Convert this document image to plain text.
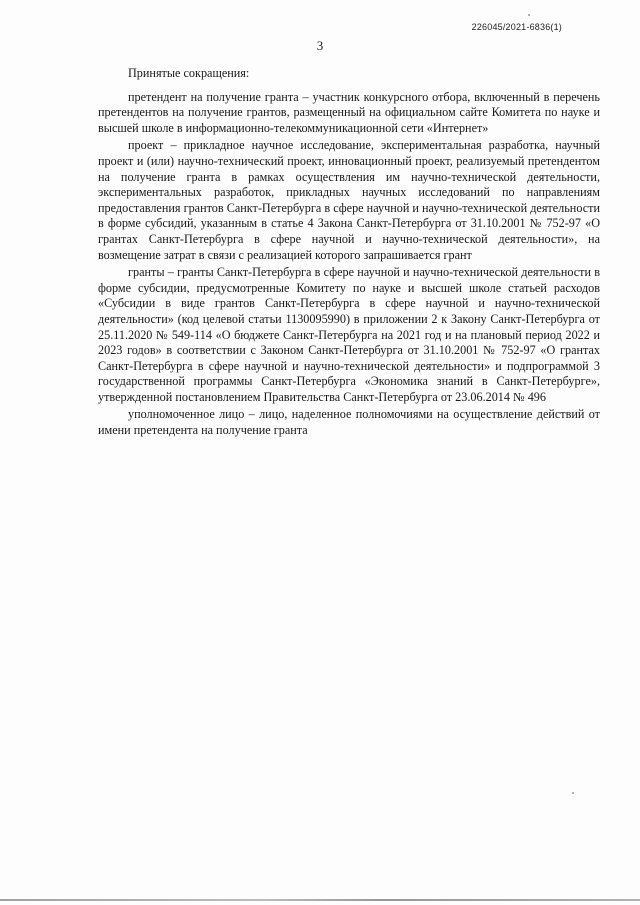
226045/2021-6836(1)
3

Принятые сокращения:

претендент на получение гранта – участник конкурсного отбора, включенный в перечень претендентов на получение грантов, размещенный на официальном сайте Комитета по науке и высшей школе в информационно-телекоммуникационной сети «Интернет»

проект – прикладное научное исследование, экспериментальная разработка, научный проект и (или) научно-технический проект, инновационный проект, реализуемый претендентом на получение гранта в рамках осуществления им научно-технической деятельности, экспериментальных разработок, прикладных научных исследований по направлениям предоставления грантов Санкт-Петербурга в сфере научной и научно-технической деятельности в форме субсидий, указанным в статье 4 Закона Санкт-Петербурга от 31.10.2001 № 752-97 «О грантах Санкт-Петербурга в сфере научной и научно-технической деятельности», на возмещение затрат в связи с реализацией которого запрашивается грант

гранты – гранты Санкт-Петербурга в сфере научной и научно-технической деятельности в форме субсидии, предусмотренные Комитету по науке и высшей школе статьей расходов «Субсидии в виде грантов Санкт-Петербурга в сфере научной и научно-технической деятельности» (код целевой статьи 1130095990) в приложении 2 к Закону Санкт-Петербурга от 25.11.2020 № 549-114 «О бюджете Санкт-Петербурга на 2021 год и на плановый период 2022 и 2023 годов» в соответствии с Законом Санкт-Петербурга от 31.10.2001 № 752-97 «О грантах Санкт-Петербурга в сфере научной и научно-технической деятельности» и подпрограммой 3 государственной программы Санкт-Петербурга «Экономика знаний в Санкт-Петербурге», утвержденной постановлением Правительства Санкт-Петербурга от 23.06.2014 № 496

уполномоченное лицо – лицо, наделенное полномочиями на осуществление действий от имени претендента на получение гранта
